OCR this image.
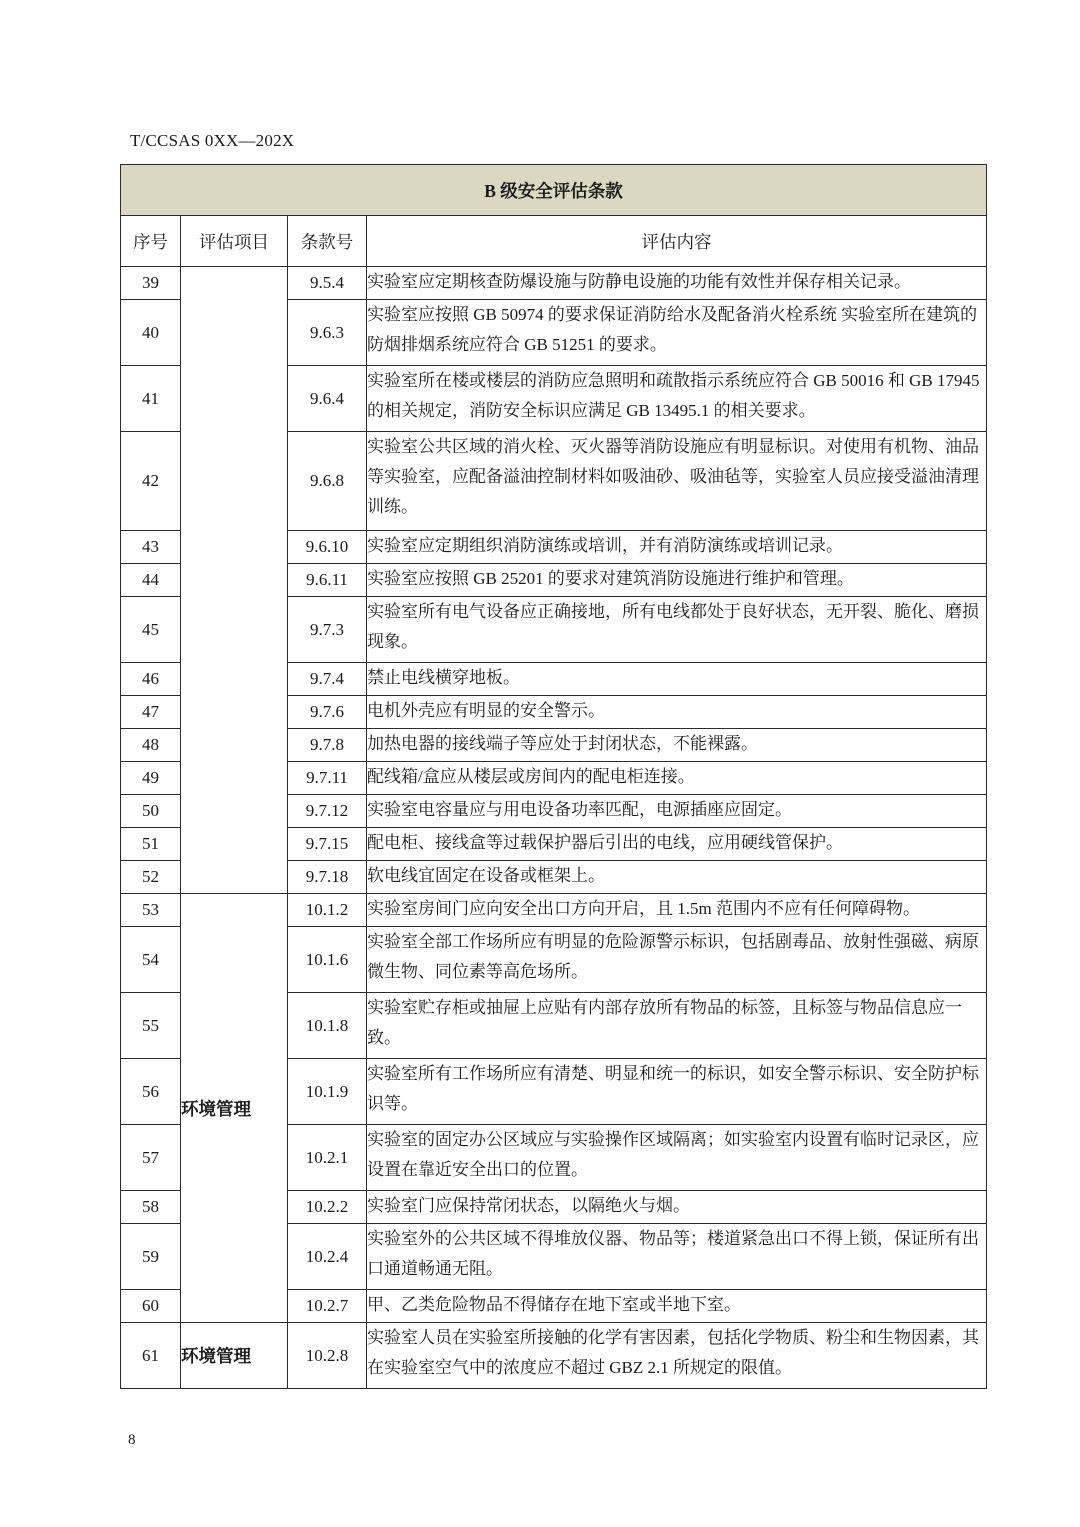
T/CCSAS 0XX—202X
B 级安全评估条款			
序号	评估项目	条款号	评估内容
39		9.5.4	实验室应定期核查防爆设施与防静电设施的功能有效性并保存相关记录。
40		9.6.3	实验室应按照 GB 50974 的要求保证消防给水及配备消火栓系统 实验室所在建筑的防烟排烟系统应符合 GB 51251 的要求。
41		9.6.4	实验室所在楼或楼层的消防应急照明和疏散指示系统应符合 GB 50016 和 GB 17945 的相关规定，消防安全标识应满足 GB 13495.1 的相关要求。
42		9.6.8	实验室公共区域的消火栓、灭火器等消防设施应有明显标识。对使用有机物、油品等实验室，应配备溢油控制材料如吸油砂、吸油毡等，实验室人员应接受溢油清理训练。
43		9.6.10	实验室应定期组织消防演练或培训，并有消防演练或培训记录。
44		9.6.11	实验室应按照 GB 25201 的要求对建筑消防设施进行维护和管理。
45		9.7.3	实验室所有电气设备应正确接地，所有电线都处于良好状态，无开裂、脆化、磨损现象。
46		9.7.4	禁止电线横穿地板。
47		9.7.6	电机外壳应有明显的安全警示。
48		9.7.8	加热电器的接线端子等应处于封闭状态，不能裸露。
49		9.7.11	配线箱/盒应从楼层或房间内的配电柜连接。
50		9.7.12	实验室电容量应与用电设备功率匹配，电源插座应固定。
51		9.7.15	配电柜、接线盒等过载保护器后引出的电线，应用硬线管保护。
52		9.7.18	软电线宜固定在设备或框架上。
53	环境管理	10.1.2	实验室房间门应向安全出口方向开启，且 1.5m 范围内不应有任何障碍物。
54		10.1.6	实验室全部工作场所应有明显的危险源警示标识，包括剧毒品、放射性强磁、病原微生物、同位素等高危场所。
55		10.1.8	实验室贮存柜或抽屉上应贴有内部存放所有物品的标签，且标签与物品信息应一致。
56		10.1.9	实验室所有工作场所应有清楚、明显和统一的标识，如安全警示标识、安全防护标识等。
57		10.2.1	实验室的固定办公区域应与实验操作区域隔离；如实验室内设置有临时记录区，应设置在靠近安全出口的位置。
58		10.2.2	实验室门应保持常闭状态，以隔绝火与烟。
59		10.2.4	实验室外的公共区域不得堆放仪器、物品等；楼道紧急出口不得上锁，保证所有出口通道畅通无阻。
60		10.2.7	甲、乙类危险物品不得储存在地下室或半地下室。
61	环境管理	10.2.8	实验室人员在实验室所接触的化学有害因素，包括化学物质、粉尘和生物因素，其在实验室空气中的浓度应不超过 GBZ 2.1 所规定的限值。
8
